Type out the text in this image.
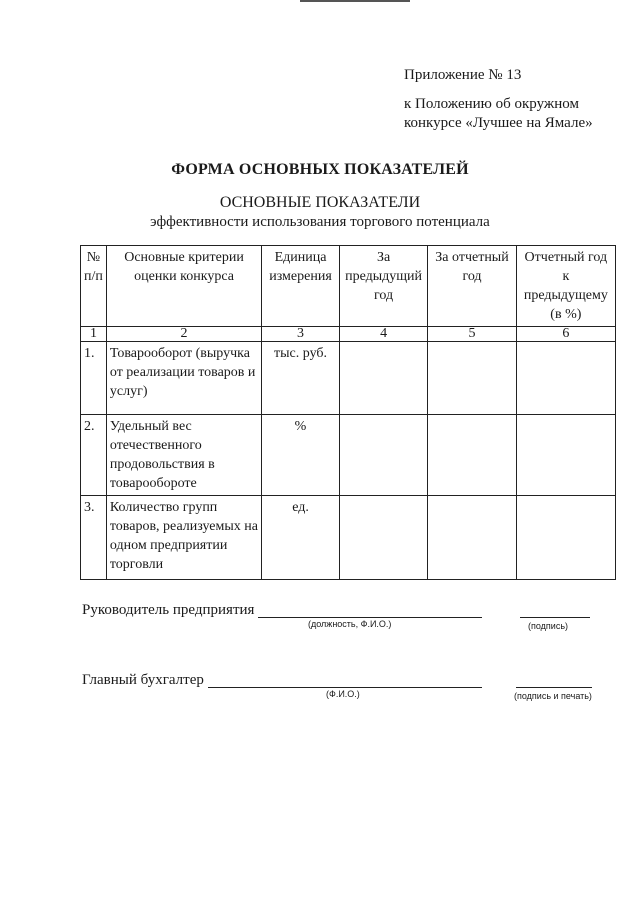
Приложение № 13
к Положению об окружном
конкурсе «Лучшее на Ямале»
ФОРМА ОСНОВНЫХ ПОКАЗАТЕЛЕЙ
ОСНОВНЫЕ ПОКАЗАТЕЛИ
эффективности использования торгового потенциала
№ п/п	Основные критерии оценки конкурса	Единица измерения	За предыдущий год	За отчетный год	Отчетный год к предыдущему (в %)
1	2	3	4	5	6
1.	Товарооборот (выручка от реализации товаров и услуг)	тыс. руб.			
2.	Удельный вес отечественного продовольствия в товарообороте	%			
3.	Количество групп товаров, реализуемых на одном предприятии торговли	ед.			
Руководитель предприятия
(должность, Ф.И.О.)	(подпись)
Главный бухгалтер
(Ф.И.О.)	(подпись и печать)
